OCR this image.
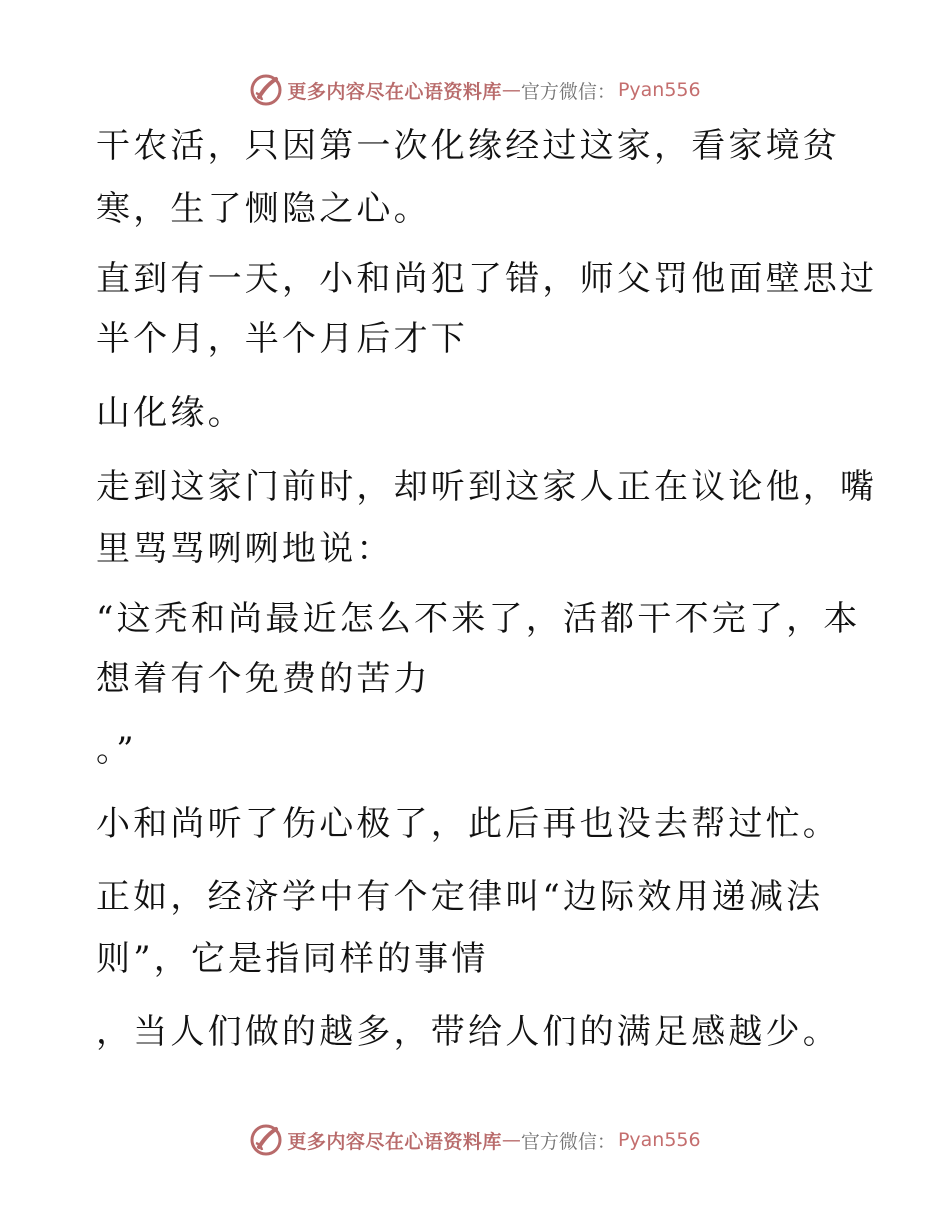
更多内容尽在心语资料库 — 官方微信： Pyan556

干农活，只因第一次化缘经过这家，看家境贫

寒，生了恻隐之心。

直到有一天，小和尚犯了错，师父罚他面壁思过

半个月，半个月后才下

山化缘。

走到这家门前时，却听到这家人正在议论他，嘴

里骂骂咧咧地说：

“这秃和尚最近怎么不来了，活都干不完了，本

想着有个免费的苦力

。”

小和尚听了伤心极了，此后再也没去帮过忙。

正如，经济学中有个定律叫“边际效用递减法

则”，它是指同样的事情

，当人们做的越多，带给人们的满足感越少。

更多内容尽在心语资料库 — 官方微信： Pyan556
